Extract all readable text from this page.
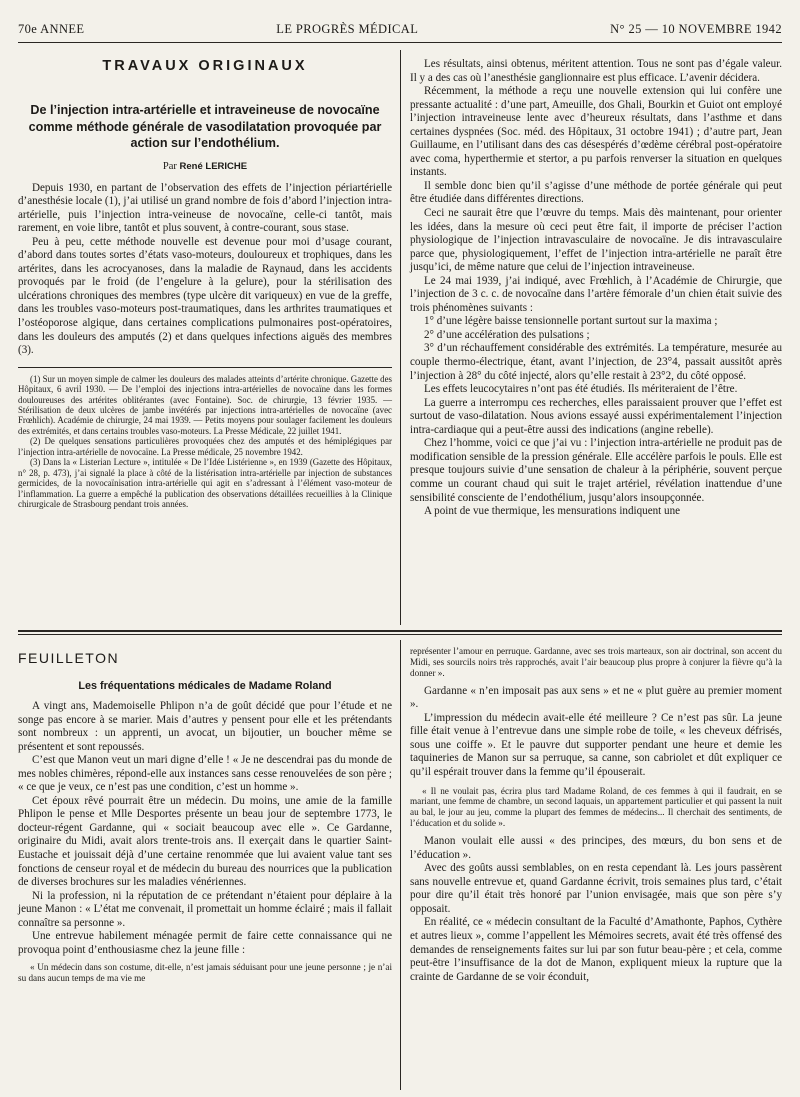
70e ANNEE	LE PROGRÈS MÉDICAL	N° 25 — 10 NOVEMBRE 1942
TRAVAUX ORIGINAUX
De l’injection intra-artérielle et intraveineuse de novocaïne comme méthode générale de vasodilatation provoquée par action sur l’endothélium.
Par René LERICHE

Depuis 1930, en partant de l’observation des effets de l’injection périartérielle d’anesthésie locale (1), j’ai utilisé un grand nombre de fois d’abord l’injection intra-artérielle, puis l’injection intra-veineuse de novocaïne, celle-ci tantôt, mais rarement, en voie libre, tantôt et plus souvent, à contre-courant, sous stase.

Peu à peu, cette méthode nouvelle est devenue pour moi d’usage courant, d’abord dans toutes sortes d’états vaso-moteurs, douloureux et trophiques, dans les artérites, dans les acrocyanoses, dans la maladie de Raynaud, dans les accidents provoqués par le froid (de l’engelure à la gelure), pour la stérilisation des ulcérations chroniques des membres (type ulcère dit variqueux) en vue de la greffe, dans les troubles vaso-moteurs post-traumatiques, dans les arthrites traumatiques et l’ostéoporose algique, dans certaines complications pulmonaires post-opératoires, dans les douleurs des amputés (2) et dans quelques infections aiguës des membres (3).

(1) Sur un moyen simple de calmer les douleurs des malades atteints d’artérite chronique. Gazette des Hôpitaux, 6 avril 1930. — De l’emploi des injections intra-artérielles de novocaïne dans les formes douloureuses des artérites oblitérantes (avec Fontaine). Soc. de chirurgie, 13 février 1935. — Stérilisation de deux ulcères de jambe invétérés par injections intra-artérielles de novocaïne (avec Frœhlich). Académie de chirurgie, 24 mai 1939. — Petits moyens pour soulager facilement les douleurs des extrémités, et dans certains troubles vaso-moteurs. La Presse Médicale, 22 juillet 1941.

(2) De quelques sensations particulières provoquées chez des amputés et des hémiplégiques par l’injection intra-artérielle de novocaïne. La Presse médicale, 25 novembre 1942.

(3) Dans la « Listerian Lecture », intitulée « De l’Idée Listérienne », en 1939 (Gazette des Hôpitaux, n° 28, p. 473), j’ai signalé la place à côté de la listérisation intra-artérielle par injection de substances germicides, de la novocaïnisation intra-artérielle qui agit en s’adressant à l’élément vaso-moteur de l’inflammation. La guerre a empêché la publication des observations détaillées recueillies à la Clinique chirurgicale de Strasbourg pendant trois années.

Les résultats, ainsi obtenus, méritent attention. Tous ne sont pas d’égale valeur. Il y a des cas où l’anesthésie ganglionnaire est plus efficace. L’avenir décidera.

Récemment, la méthode a reçu une nouvelle extension qui lui confère une pressante actualité : d’une part, Ameuille, dos Ghali, Bourkin et Guiot ont employé l’injection intraveineuse lente avec d’heureux résultats, dans l’asthme et dans certaines dyspnées (Soc. méd. des Hôpitaux, 31 octobre 1941) ; d’autre part, Jean Guillaume, en l’utilisant dans des cas désespérés d’œdème cérébral post-opératoire avec coma, hyperthermie et stertor, a pu parfois renverser la situation en quelques instants.

Il semble donc bien qu’il s’agisse d’une méthode de portée générale qui peut être étudiée dans différentes directions.

Ceci ne saurait être que l’œuvre du temps. Mais dès maintenant, pour orienter les idées, dans la mesure où ceci peut être fait, il importe de préciser l’action physiologique de l’injection intravasculaire de novocaïne. Je dis intravasculaire parce que, physiologiquement, l’effet de l’injection intra-artérielle ne paraît être jusqu’ici, de même nature que celui de l’injection intraveineuse.

Le 24 mai 1939, j’ai indiqué, avec Frœhlich, à l’Académie de Chirurgie, que l’injection de 3 c. c. de novocaïne dans l’artère fémorale d’un chien était suivie des trois phénomènes suivants :

1° d’une légère baisse tensionnelle portant surtout sur la maxima ;

2° d’une accélération des pulsations ;

3° d’un réchauffement considérable des extrémités. La température, mesurée au couple thermo-électrique, étant, avant l’injection, de 23°4, passait aussitôt après l’injection à 28° du côté injecté, alors qu’elle restait à 23°2, du côté opposé.

Les effets leucocytaires n’ont pas été étudiés. Ils mériteraient de l’être.

La guerre a interrompu ces recherches, elles paraissaient prouver que l’effet est surtout de vaso-dilatation. Nous avions essayé aussi expérimentalement l’injection intra-cardiaque qui a peut-être aussi des indications (angine rebelle).

Chez l’homme, voici ce que j’ai vu : l’injection intra-artérielle ne produit pas de modification sensible de la pression générale. Elle accélère parfois le pouls. Elle est presque toujours suivie d’une sensation de chaleur à la périphérie, souvent perçue comme un courant chaud qui suit le trajet artériel, révélation inattendue d’une sensibilité consciente de l’endothélium, jusqu’alors insoupçonnée.

A point de vue thermique, les mensurations indiquent une

FEUILLETON
Les fréquentations médicales de Madame Roland

A vingt ans, Mademoiselle Phlipon n’a de goût décidé que pour l’étude et ne songe pas encore à se marier. Mais d’autres y pensent pour elle et les prétendants sont nombreux : un apprenti, un avocat, un bijoutier, un boucher même se présentent et sont repoussés.

C’est que Manon veut un mari digne d’elle ! « Je ne descendrai pas du monde de mes nobles chimères, répond-elle aux instances sans cesse renouvelées de son père ; « ce que je veux, ce n’est pas une condition, c’est un homme ».

Cet époux rêvé pourrait être un médecin. Du moins, une amie de la famille Phlipon le pense et Mlle Desportes présente un beau jour de septembre 1773, le docteur-régent Gardanne, qui « sociait beaucoup avec elle ». Ce Gardanne, originaire du Midi, avait alors trente-trois ans. Il exerçait dans le quartier Saint-Eustache et jouissait déjà d’une certaine renommée que lui avaient value tant ses fonctions de censeur royal et de médecin du bureau des nourrices que la publication de diverses brochures sur les maladies vénériennes.

Ni la profession, ni la réputation de ce prétendant n’étaient pour déplaire à la jeune Manon : « L’état me convenait, il promettait un homme éclairé ; mais il fallait connaître sa personne ».

Une entrevue habilement ménagée permit de faire cette connaissance qui ne provoqua point d’enthousiasme chez la jeune fille :

« Un médecin dans son costume, dit-elle, n’est jamais séduisant pour une jeune personne ; je n’ai su dans aucun temps de ma vie me

représenter l’amour en perruque. Gardanne, avec ses trois marteaux, son air doctrinal, son accent du Midi, ses sourcils noirs très rapprochés, avait l’air beaucoup plus propre à conjurer la fièvre qu’à la donner ».

Gardanne « n’en imposait pas aux sens » et ne « plut guère au premier moment ».

L’impression du médecin avait-elle été meilleure ? Ce n’est pas sûr. La jeune fille était venue à l’entrevue dans une simple robe de toile, « les cheveux défrisés, sous une coiffe ». Et le pauvre dut supporter pendant une heure et demie les taquineries de Manon sur sa perruque, sa canne, son cabriolet et dût expliquer ce qu’il espérait trouver dans la femme qu’il épouserait.

« Il ne voulait pas, écrira plus tard Madame Roland, de ces femmes à qui il faudrait, en se mariant, une femme de chambre, un second laquais, un appartement particulier et qui passent la nuit au bal, le jour au jeu, comme la plupart des femmes de médecins... Il cherchait des sentiments, de l’éducation et du solide ».

Manon voulait elle aussi « des principes, des mœurs, du bon sens et de l’éducation ».

Avec des goûts aussi semblables, on en resta cependant là. Les jours passèrent sans nouvelle entrevue et, quand Gardanne écrivit, trois semaines plus tard, c’était pour dire qu’il était très honoré par l’union envisagée, mais que son père s’y opposait.

En réalité, ce « médecin consultant de la Faculté d’Amathonte, Paphos, Cythère et autres lieux », comme l’appellent les Mémoires secrets, avait été très offensé des demandes de renseignements faites sur lui par son futur beau-père ; et cela, comme peut-être l’insuffisance de la dot de Manon, expliquent mieux la rupture que la crainte de Gardanne de se voir éconduit,
